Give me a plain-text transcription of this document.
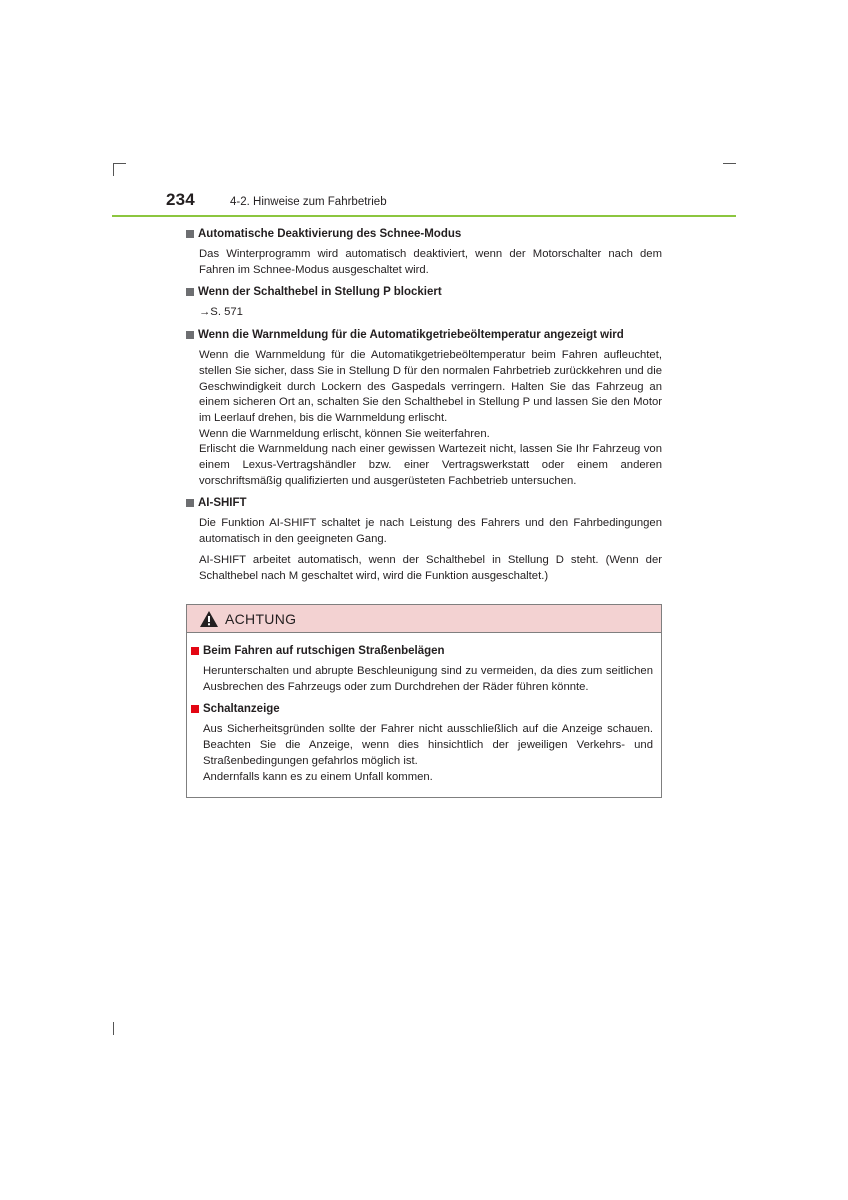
234	4-2. Hinweise zum Fahrbetrieb
Automatische Deaktivierung des Schnee-Modus

Das Winterprogramm wird automatisch deaktiviert, wenn der Motorschalter nach dem Fahren im Schnee-Modus ausgeschaltet wird.

Wenn der Schalthebel in Stellung P blockiert
→S. 571
Wenn die Warnmeldung für die Automatikgetriebeöltemperatur angezeigt wird

Wenn die Warnmeldung für die Automatikgetriebeöltemperatur beim Fahren aufleuchtet, stellen Sie sicher, dass Sie in Stellung D für den normalen Fahrbetrieb zurückkehren und die Geschwindigkeit durch Lockern des Gaspedals verringern. Halten Sie das Fahrzeug an einem sicheren Ort an, schalten Sie den Schalthebel in Stellung P und lassen Sie den Motor im Leerlauf drehen, bis die Warnmeldung erlischt.

Wenn die Warnmeldung erlischt, können Sie weiterfahren.

Erlischt die Warnmeldung nach einer gewissen Wartezeit nicht, lassen Sie Ihr Fahrzeug von einem Lexus-Vertragshändler bzw. einer Vertragswerkstatt oder einem anderen vorschriftsmäßig qualifizierten und ausgerüsteten Fachbetrieb untersuchen.

AI-SHIFT

Die Funktion AI-SHIFT schaltet je nach Leistung des Fahrers und den Fahrbedingungen automatisch in den geeigneten Gang.

AI-SHIFT arbeitet automatisch, wenn der Schalthebel in Stellung D steht. (Wenn der Schalthebel nach M geschaltet wird, wird die Funktion ausgeschaltet.)

ACHTUNG
Beim Fahren auf rutschigen Straßenbelägen

Herunterschalten und abrupte Beschleunigung sind zu vermeiden, da dies zum seitlichen Ausbrechen des Fahrzeugs oder zum Durchdrehen der Räder führen könnte.

Schaltanzeige

Aus Sicherheitsgründen sollte der Fahrer nicht ausschließlich auf die Anzeige schauen. Beachten Sie die Anzeige, wenn dies hinsichtlich der jeweiligen Verkehrs- und Straßenbedingungen gefahrlos möglich ist.

Andernfalls kann es zu einem Unfall kommen.
